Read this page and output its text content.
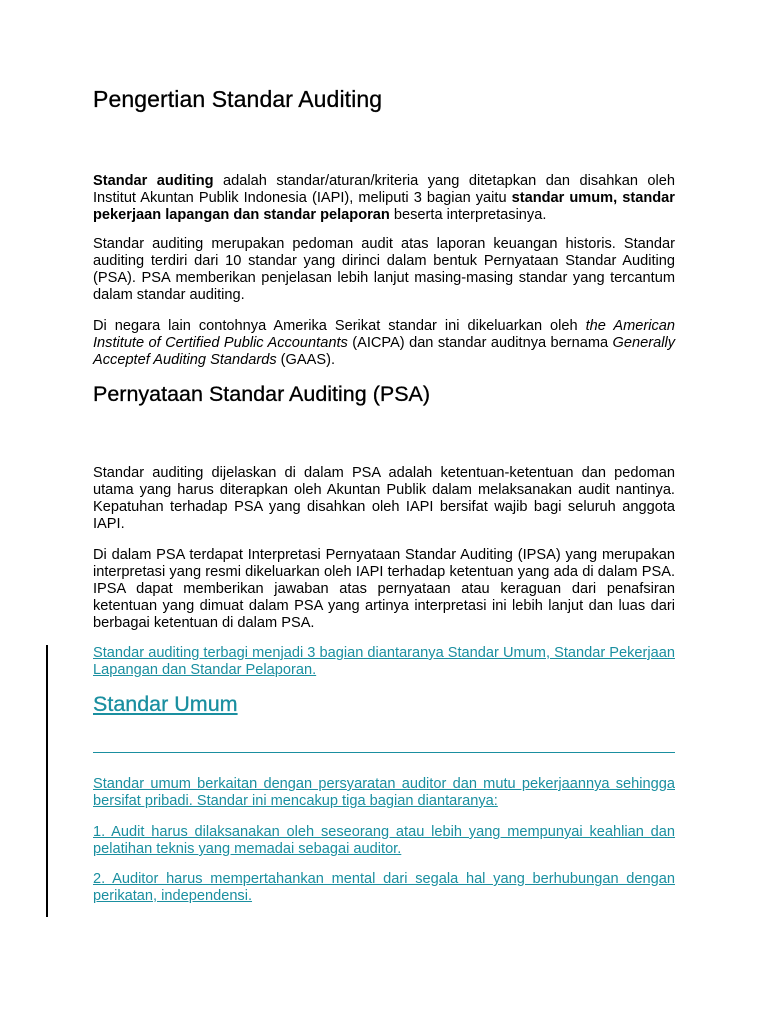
Pengertian Standar Auditing

Standar auditing adalah standar/aturan/kriteria yang ditetapkan dan disahkan oleh Institut Akuntan Publik Indonesia (IAPI), meliputi 3 bagian yaitu standar umum, standar pekerjaan lapangan dan standar pelaporan beserta interpretasinya.

Standar auditing merupakan pedoman audit atas laporan keuangan historis. Standar auditing terdiri dari 10 standar yang dirinci dalam bentuk Pernyataan Standar Auditing (PSA). PSA memberikan penjelasan lebih lanjut masing-masing standar yang tercantum dalam standar auditing.

Di negara lain contohnya Amerika Serikat standar ini dikeluarkan oleh the American Institute of Certified Public Accountants (AICPA) dan standar auditnya bernama Generally Acceptef Auditing Standards (GAAS).

Pernyataan Standar Auditing (PSA)

Standar auditing dijelaskan di dalam PSA adalah ketentuan-ketentuan dan pedoman utama yang harus diterapkan oleh Akuntan Publik dalam melaksanakan audit nantinya. Kepatuhan terhadap PSA yang disahkan oleh IAPI bersifat wajib bagi seluruh anggota IAPI.

Di dalam PSA terdapat Interpretasi Pernyataan Standar Auditing (IPSA) yang merupakan interpretasi yang resmi dikeluarkan oleh IAPI terhadap ketentuan yang ada di dalam PSA. IPSA dapat memberikan jawaban atas pernyataan atau keraguan dari penafsiran ketentuan yang dimuat dalam PSA yang artinya interpretasi ini lebih lanjut dan luas dari berbagai ketentuan di dalam PSA.

Standar auditing terbagi menjadi 3 bagian diantaranya Standar Umum, Standar Pekerjaan Lapangan dan Standar Pelaporan.

Standar Umum

Standar umum berkaitan dengan persyaratan auditor dan mutu pekerjaannya sehingga bersifat pribadi. Standar ini mencakup tiga bagian diantaranya:

1. Audit harus dilaksanakan oleh seseorang atau lebih yang mempunyai keahlian dan pelatihan teknis yang memadai sebagai auditor.

2. Auditor harus mempertahankan mental dari segala hal yang berhubungan dengan perikatan, independensi.
